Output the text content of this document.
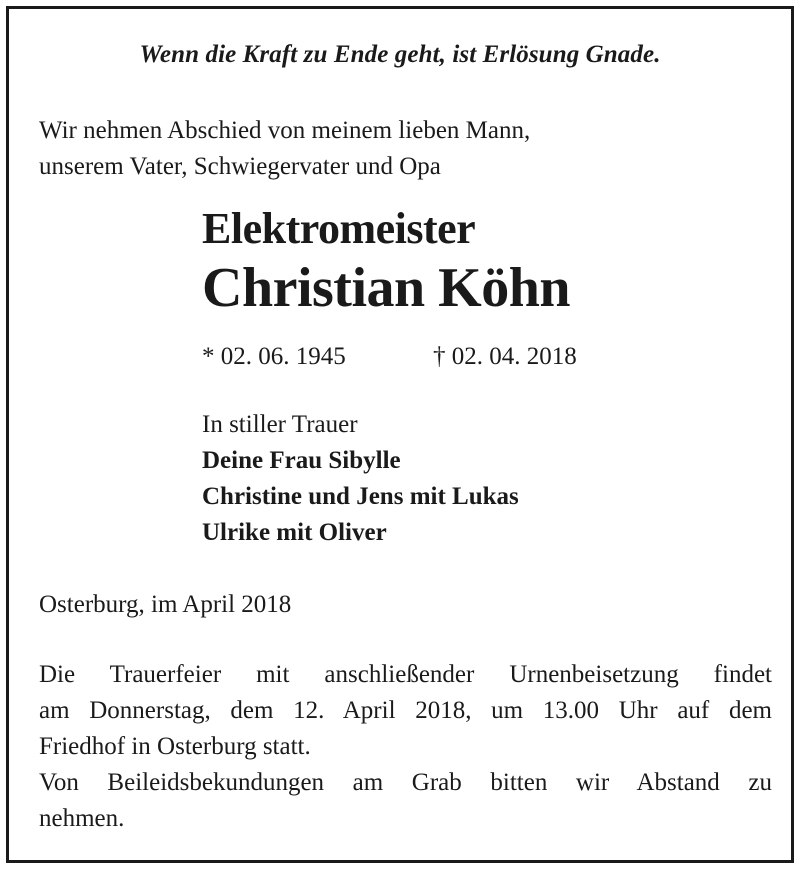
Wenn die Kraft zu Ende geht, ist Erlösung Gnade.
Wir nehmen Abschied von meinem lieben Mann,
unserem Vater, Schwiegervater und Opa
Elektromeister
Christian Köhn
* 02. 06. 1945	† 02. 04. 2018
In stiller Trauer
Deine Frau Sibylle
Christine und Jens mit Lukas
Ulrike mit Oliver
Osterburg, im April 2018
Die Trauerfeier mit anschließender Urnenbeisetzung findet
am Donnerstag, dem 12. April 2018, um 13.00 Uhr auf dem
Friedhof in Osterburg statt.
Von Beileidsbekundungen am Grab bitten wir Abstand zu
nehmen.
